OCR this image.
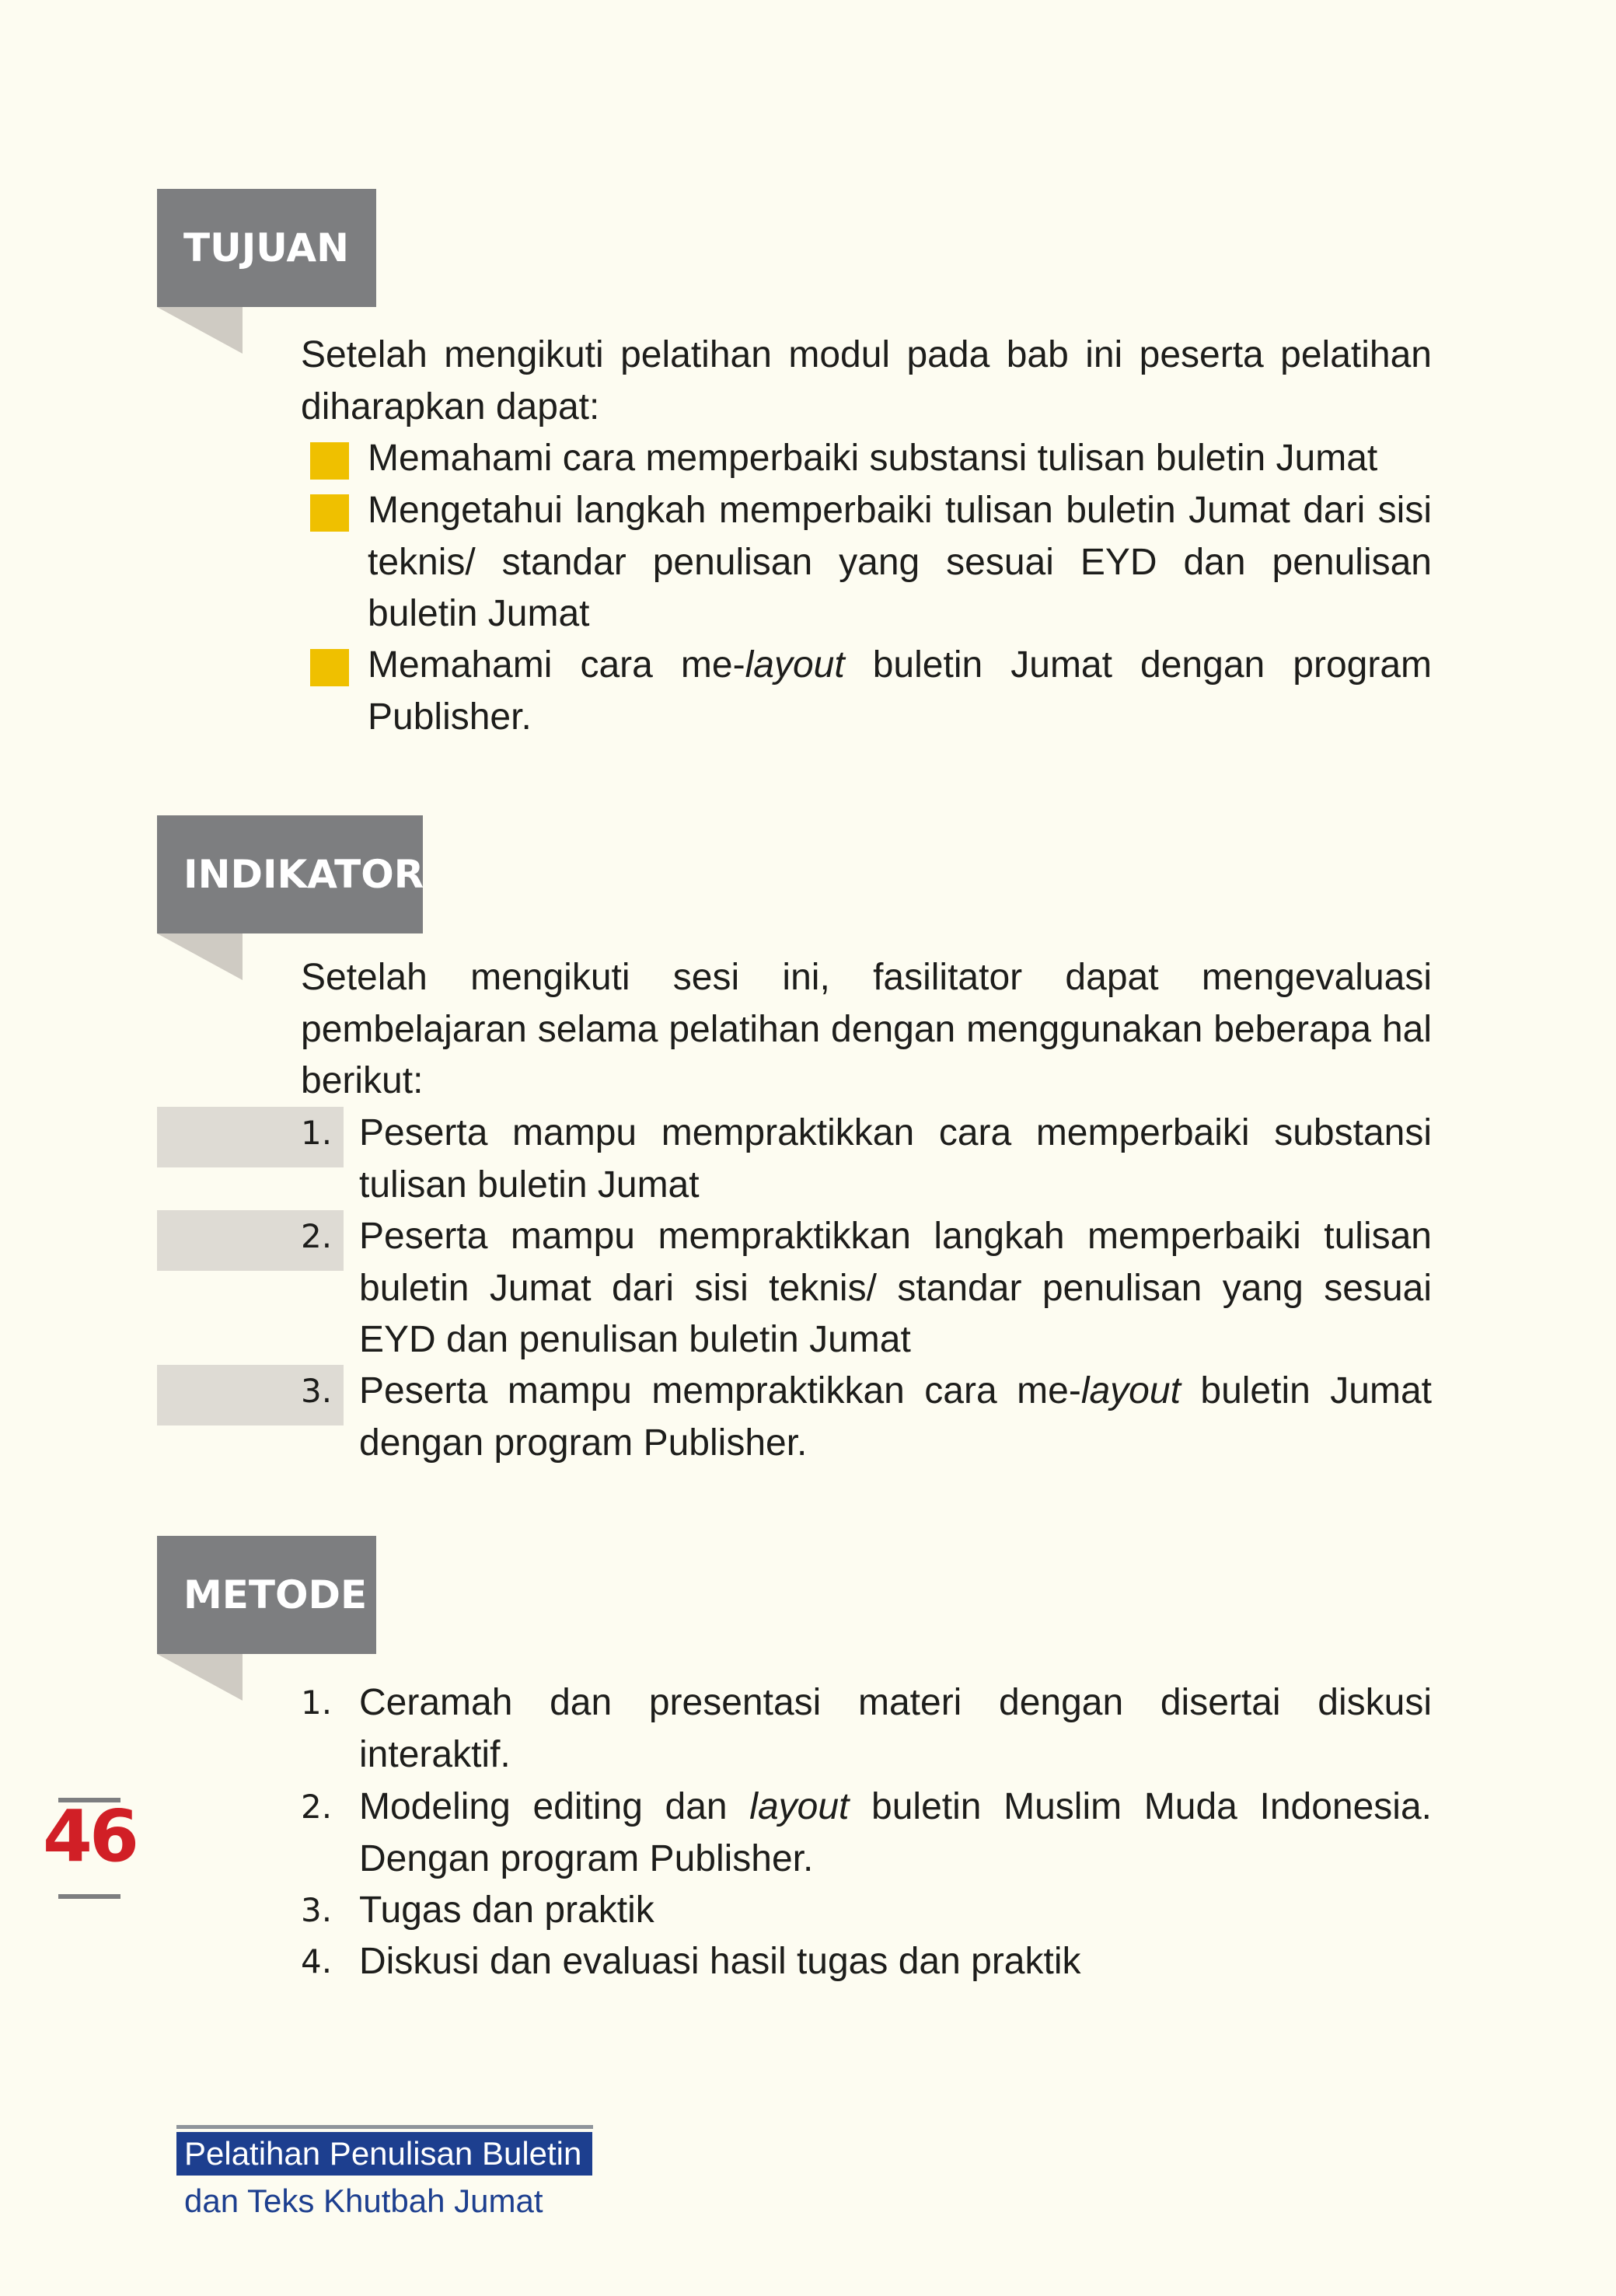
TUJUAN

Setelah mengikuti pelatihan modul pada bab ini peserta pelatihan diharapkan dapat:

Memahami cara memperbaiki substansi tulisan buletin Jumat
Mengetahui langkah memperbaiki tulisan buletin Jumat dari sisi teknis/ standar penulisan yang sesuai EYD dan penulisan buletin Jumat
Memahami cara me-layout buletin Jumat dengan program Publisher.
INDIKATOR

Setelah mengikuti sesi ini, fasilitator dapat mengevaluasi pembelajaran selama pelatihan dengan menggunakan beberapa hal berikut:

1. Peserta mampu mempraktikkan cara memperbaiki substansi tulisan buletin Jumat
2. Peserta mampu mempraktikkan langkah memperbaiki tulisan buletin Jumat dari sisi teknis/ standar penulisan yang sesuai EYD dan penulisan buletin Jumat
3. Peserta mampu mempraktikkan cara me-layout buletin Jumat dengan program Publisher.
METODE
1. Ceramah dan presentasi materi dengan disertai diskusi interaktif.
2. Modeling editing dan layout buletin Muslim Muda Indonesia. Dengan program Publisher.
3. Tugas dan praktik
4. Diskusi dan evaluasi hasil tugas dan praktik
46
Pelatihan Penulisan Buletin
dan Teks Khutbah Jumat
